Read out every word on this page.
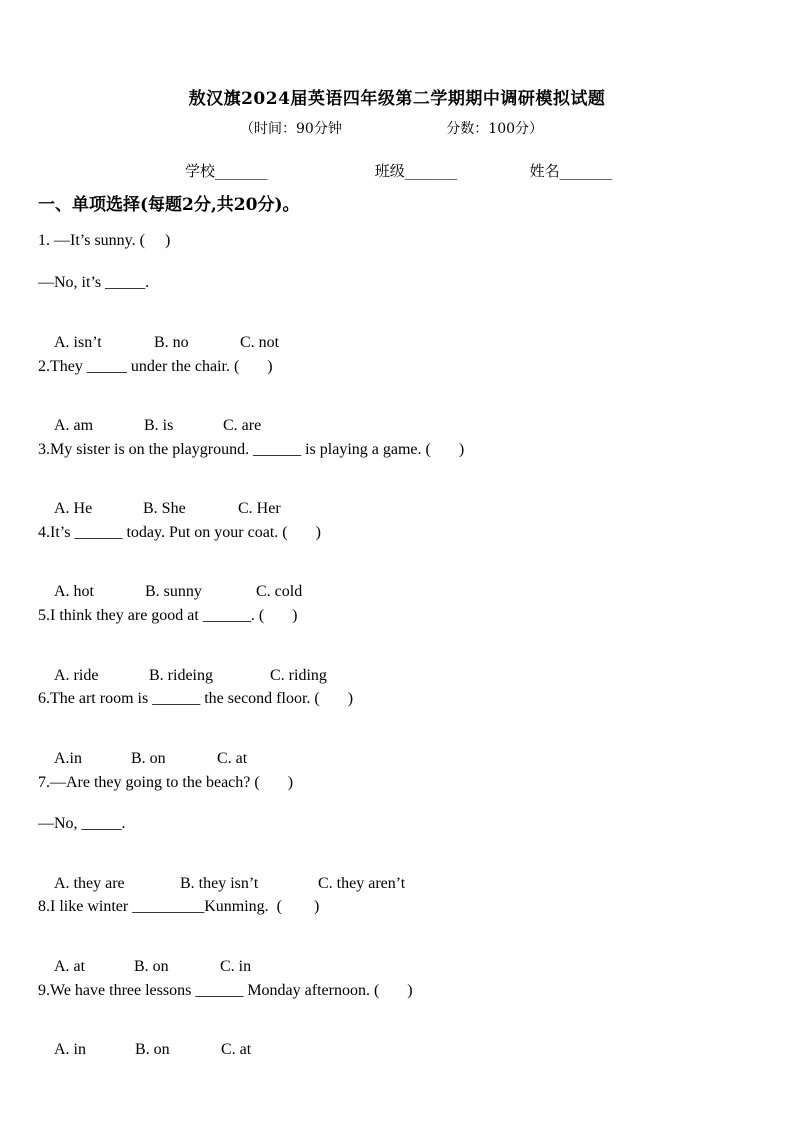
敖汉旗2024届英语四年级第二学期期中调研模拟试题
（时间：90分钟	分数：100分）
学校_______	班级_______	姓名_______
一、单项选择(每题2分,共20分)。
1. —It’s sunny. (     )
—No, it’s _____.

A. isn’t	B. no	C. not

2.They _____ under the chair. (       )

A. am	B. is	C. are

3.My sister is on the playground. ______ is playing a game. (       )

A. He	B. She	C. Her

4.It’s ______ today. Put on your coat. (       )

A. hot	B. sunny	C. cold

5.I think they are good at ______. (       )

A. ride	B. rideing	C. riding

6.The art room is ______ the second floor. (       )

A.in	B. on	C. at

7.—Are they going to the beach? (       )
—No, _____.

A. they are	B. they isn’t	C. they aren’t

8.I like winter _________Kunming.  (        )

A. at	B. on	C. in

9.We have three lessons ______ Monday afternoon. (       )

A. in	B. on	C. at
